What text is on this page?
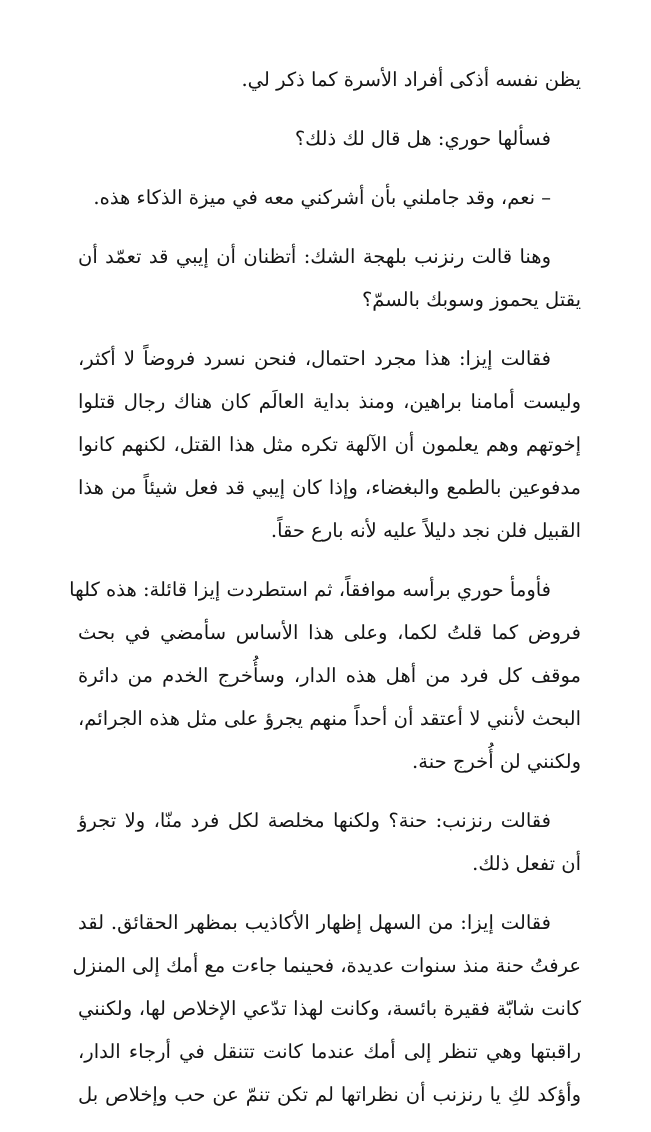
يظن نفسه أذكى أفراد الأسرة كما ذكر لي.

فسألها حوري: هل قال لك ذلك؟

– نعم، وقد جاملني بأن أشركني معه في ميزة الذكاء هذه.

وهنا قالت رنزنب بلهجة الشك: أتظنان أن إيبي قد تعمّد أن
يقتل يحموز وسوبك بالسمّ؟

فقالت إيزا: هذا مجرد احتمال، فنحن نسرد فروضاً لا أكثر،
وليست أمامنا براهين، ومنذ بداية العالَم كان هناك رجال قتلوا
إخوتهم وهم يعلمون أن الآلهة تكره مثل هذا القتل، لكنهم كانوا
مدفوعين بالطمع والبغضاء، وإذا كان إيبي قد فعل شيئاً من هذا
القبيل فلن نجد دليلاً عليه لأنه بارع حقاً.

فأومأ حوري برأسه موافقاً، ثم استطردت إيزا قائلة: هذه كلها
فروض كما قلتُ لكما، وعلى هذا الأساس سأمضي في بحث
موقف كل فرد من أهل هذه الدار، وسأُخرج الخدم من دائرة
البحث لأنني لا أعتقد أن أحداً منهم يجرؤ على مثل هذه الجرائم،
ولكنني لن أُخرج حنة.

فقالت رنزنب: حنة؟ ولكنها مخلصة لكل فرد منّا، ولا تجرؤ
أن تفعل ذلك.

فقالت إيزا: من السهل إظهار الأكاذيب بمظهر الحقائق. لقد
عرفتُ حنة منذ سنوات عديدة، فحينما جاءت مع أمك إلى المنزل
كانت شابّة فقيرة بائسة، وكانت لهذا تدّعي الإخلاص لها، ولكنني
راقبتها وهي تنظر إلى أمك عندما كانت تتنقل في أرجاء الدار،
وأؤكد لكِ يا رنزنب أن نظراتها لم تكن تنمّ عن حب وإخلاص بل
